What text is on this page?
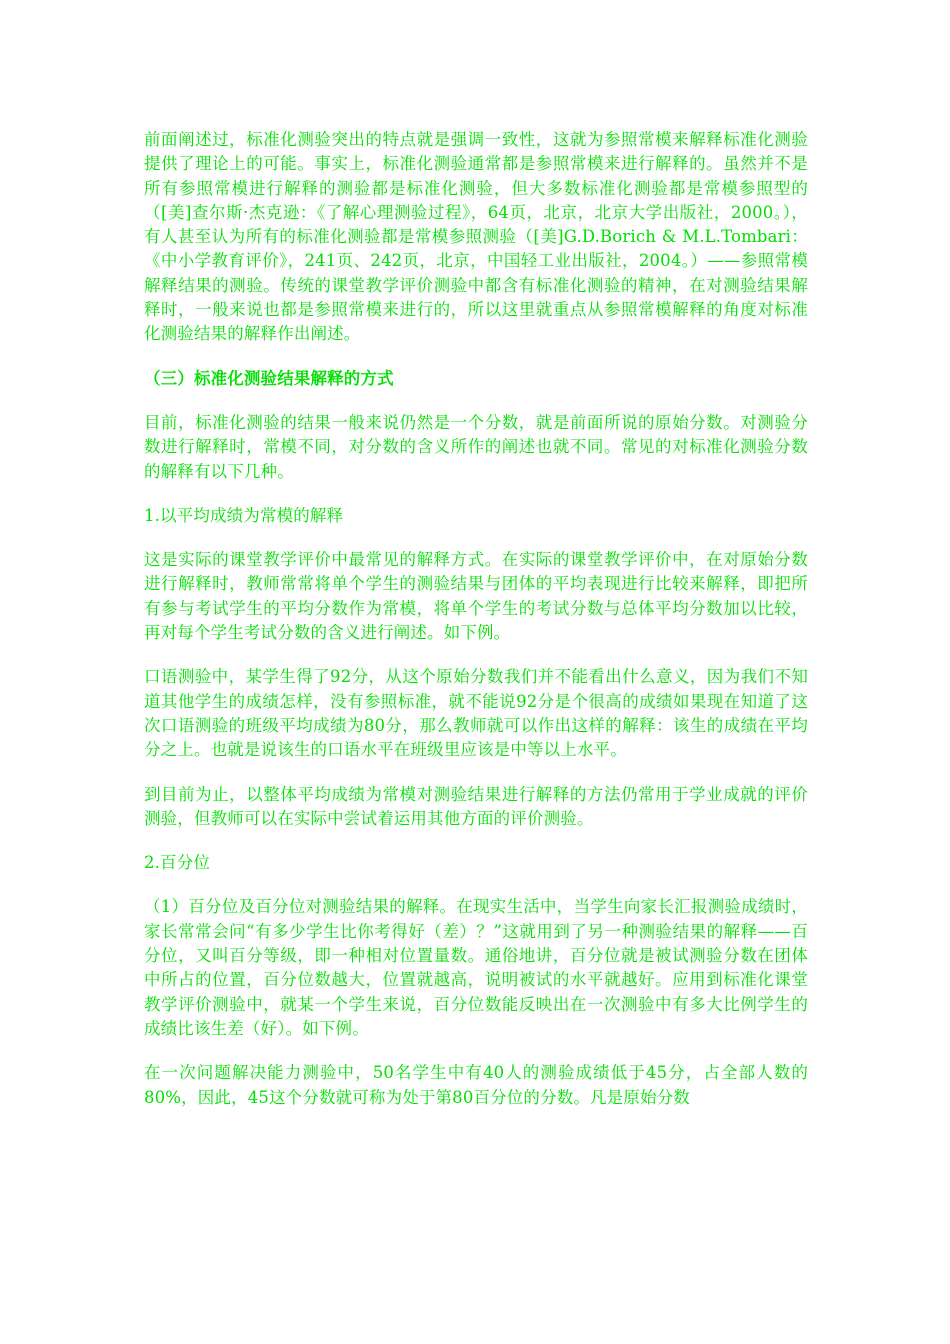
前面阐述过，标准化测验突出的特点就是强调一致性，这就为参照常模来解释标准化测验提供了理论上的可能。事实上，标准化测验通常都是参照常模来进行解释的。虽然并不是所有参照常模进行解释的测验都是标准化测验，但大多数标准化测验都是常模参照型的（[美]查尔斯·杰克逊：《了解心理测验过程》，64页，北京，北京大学出版社，2000。），有人甚至认为所有的标准化测验都是常模参照测验（[美]G.D.Borich & M.L.Tombari：《中小学教育评价》，241页、242页，北京，中国轻工业出版社，2004。）——参照常模解释结果的测验。传统的课堂教学评价测验中都含有标准化测验的精神，在对测验结果解释时，一般来说也都是参照常模来进行的，所以这里就重点从参照常模解释的角度对标准化测验结果的解释作出阐述。

（三）标准化测验结果解释的方式

目前，标准化测验的结果一般来说仍然是一个分数，就是前面所说的原始分数。对测验分数进行解释时，常模不同，对分数的含义所作的阐述也就不同。常见的对标准化测验分数的解释有以下几种。

1.以平均成绩为常模的解释

这是实际的课堂教学评价中最常见的解释方式。在实际的课堂教学评价中，在对原始分数进行解释时，教师常常将单个学生的测验结果与团体的平均表现进行比较来解释，即把所有参与考试学生的平均分数作为常模，将单个学生的考试分数与总体平均分数加以比较，再对每个学生考试分数的含义进行阐述。如下例。

口语测验中，某学生得了92分，从这个原始分数我们并不能看出什么意义，因为我们不知道其他学生的成绩怎样，没有参照标准，就不能说92分是个很高的成绩如果现在知道了这次口语测验的班级平均成绩为80分，那么教师就可以作出这样的解释：该生的成绩在平均分之上。也就是说该生的口语水平在班级里应该是中等以上水平。

到目前为止，以整体平均成绩为常模对测验结果进行解释的方法仍常用于学业成就的评价测验，但教师可以在实际中尝试着运用其他方面的评价测验。

2.百分位

（1）百分位及百分位对测验结果的解释。在现实生活中，当学生向家长汇报测验成绩时，家长常常会问“有多少学生比你考得好（差）？”这就用到了另一种测验结果的解释——百分位，又叫百分等级，即一种相对位置量数。通俗地讲，百分位就是被试测验分数在团体中所占的位置，百分位数越大，位置就越高，说明被试的水平就越好。应用到标准化课堂教学评价测验中，就某一个学生来说，百分位数能反映出在一次测验中有多大比例学生的成绩比该生差（好）。如下例。

在一次问题解决能力测验中，50名学生中有40人的测验成绩低于45分，占全部人数的80%，因此，45这个分数就可称为处于第80百分位的分数。凡是原始分数
